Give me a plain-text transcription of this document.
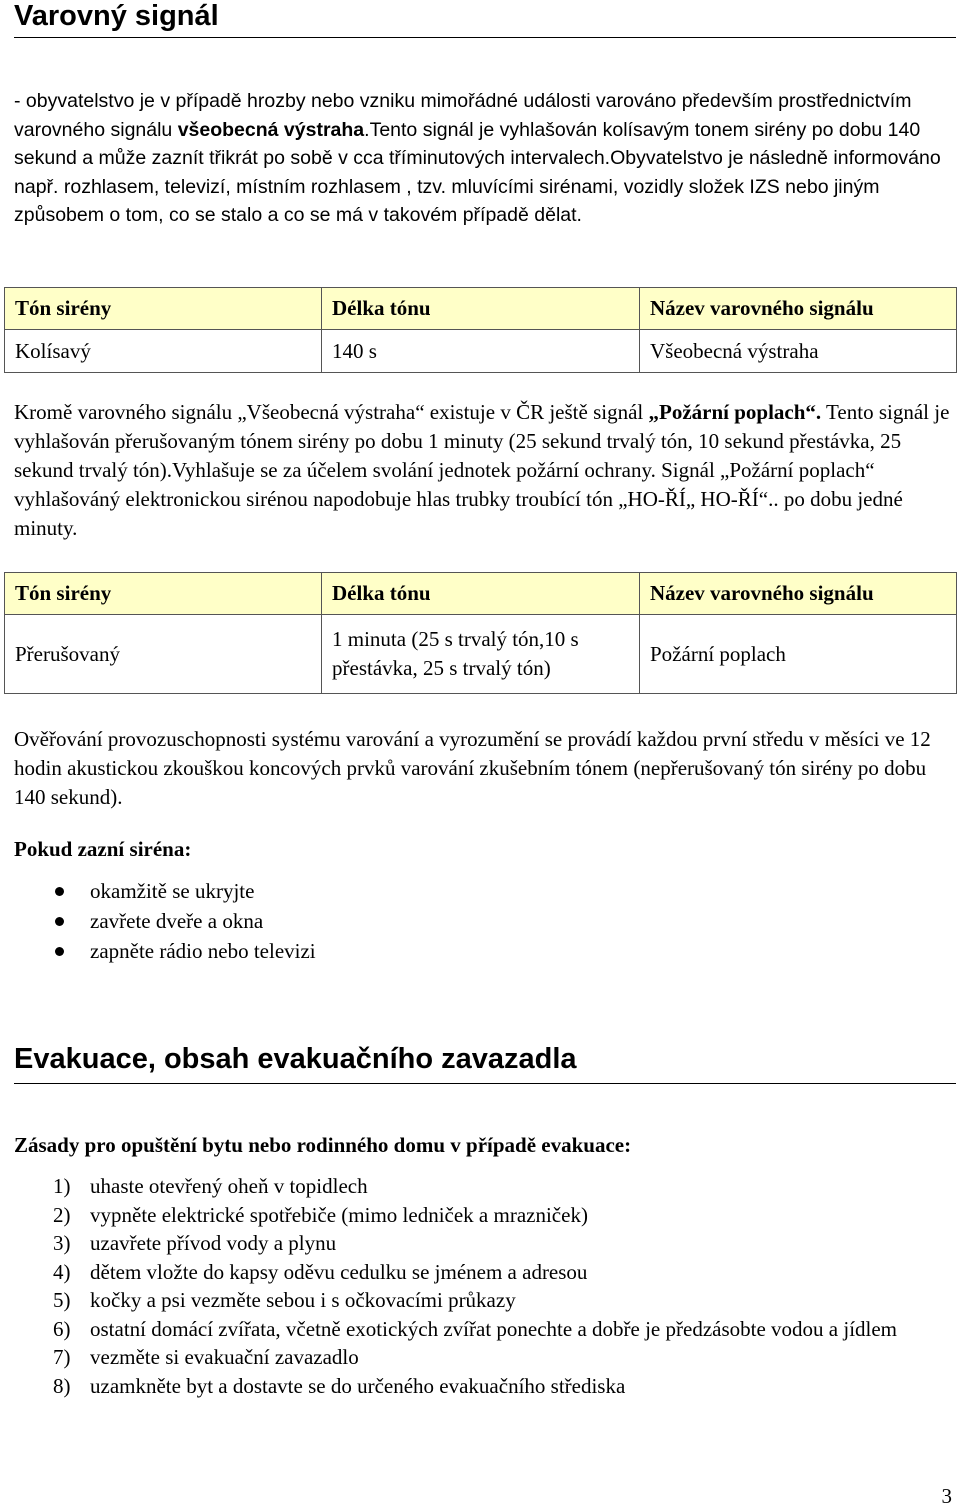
Varovný signál

- obyvatelstvo je v případě hrozby nebo vzniku mimořádné události varováno především prostřednictvím varovného signálu všeobecná výstraha.Tento signál je vyhlašován kolísavým tonem sirény po dobu 140 sekund a může zaznít třikrát po sobě v cca tříminutových intervalech.Obyvatelstvo je následně informováno např. rozhlasem, televizí, místním rozhlasem , tzv. mluvícími sirénami, vozidly složek IZS nebo jiným způsobem o tom, co se stalo a co se má v takovém případě dělat.

Tón sirény	Délka tónu	Název varovného signálu
Kolísavý	140 s	Všeobecná výstraha

Kromě varovného signálu „Všeobecná výstraha“ existuje v ČR ještě signál „Požární poplach“. Tento signál je vyhlašován přerušovaným tónem sirény po dobu 1 minuty (25 sekund trvalý tón, 10 sekund přestávka, 25 sekund trvalý tón).Vyhlašuje se za účelem svolání jednotek požární ochrany. Signál „Požární poplach“ vyhlašováný elektronickou sirénou napodobuje hlas trubky troubící tón „HO-ŘÍ„ HO-ŘÍ“.. po dobu jedné minuty.

Tón sirény	Délka tónu	Název varovného signálu
Přerušovaný	1 minuta (25 s trvalý tón,10 s přestávka, 25 s trvalý tón)	Požární poplach

Ověřování provozuschopnosti systému varování a vyrozumění se provádí každou první středu v měsíci ve 12 hodin akustickou zkouškou koncových prvků varování zkušebním tónem (nepřerušovaný tón sirény po dobu 140 sekund).

Pokud zazní siréna:

okamžitě se ukryjte
zavřete dveře a okna
zapněte rádio nebo televizi
Evakuace, obsah evakuačního zavazadla

Zásady pro opuštění bytu nebo rodinného domu v případě evakuace:

1) uhaste otevřený oheň v topidlech
2) vypněte elektrické spotřebiče (mimo ledniček a mrazniček)
3) uzavřete přívod vody a plynu
4) dětem vložte do kapsy oděvu cedulku se jménem a adresou
5) kočky a psi vezměte sebou i s očkovacími průkazy
6) ostatní domácí zvířata, včetně exotických zvířat ponechte a dobře je předzásobte vodou a jídlem
7) vezměte si evakuační zavazadlo
8) uzamkněte byt a dostavte se do určeného evakuačního střediska
3
